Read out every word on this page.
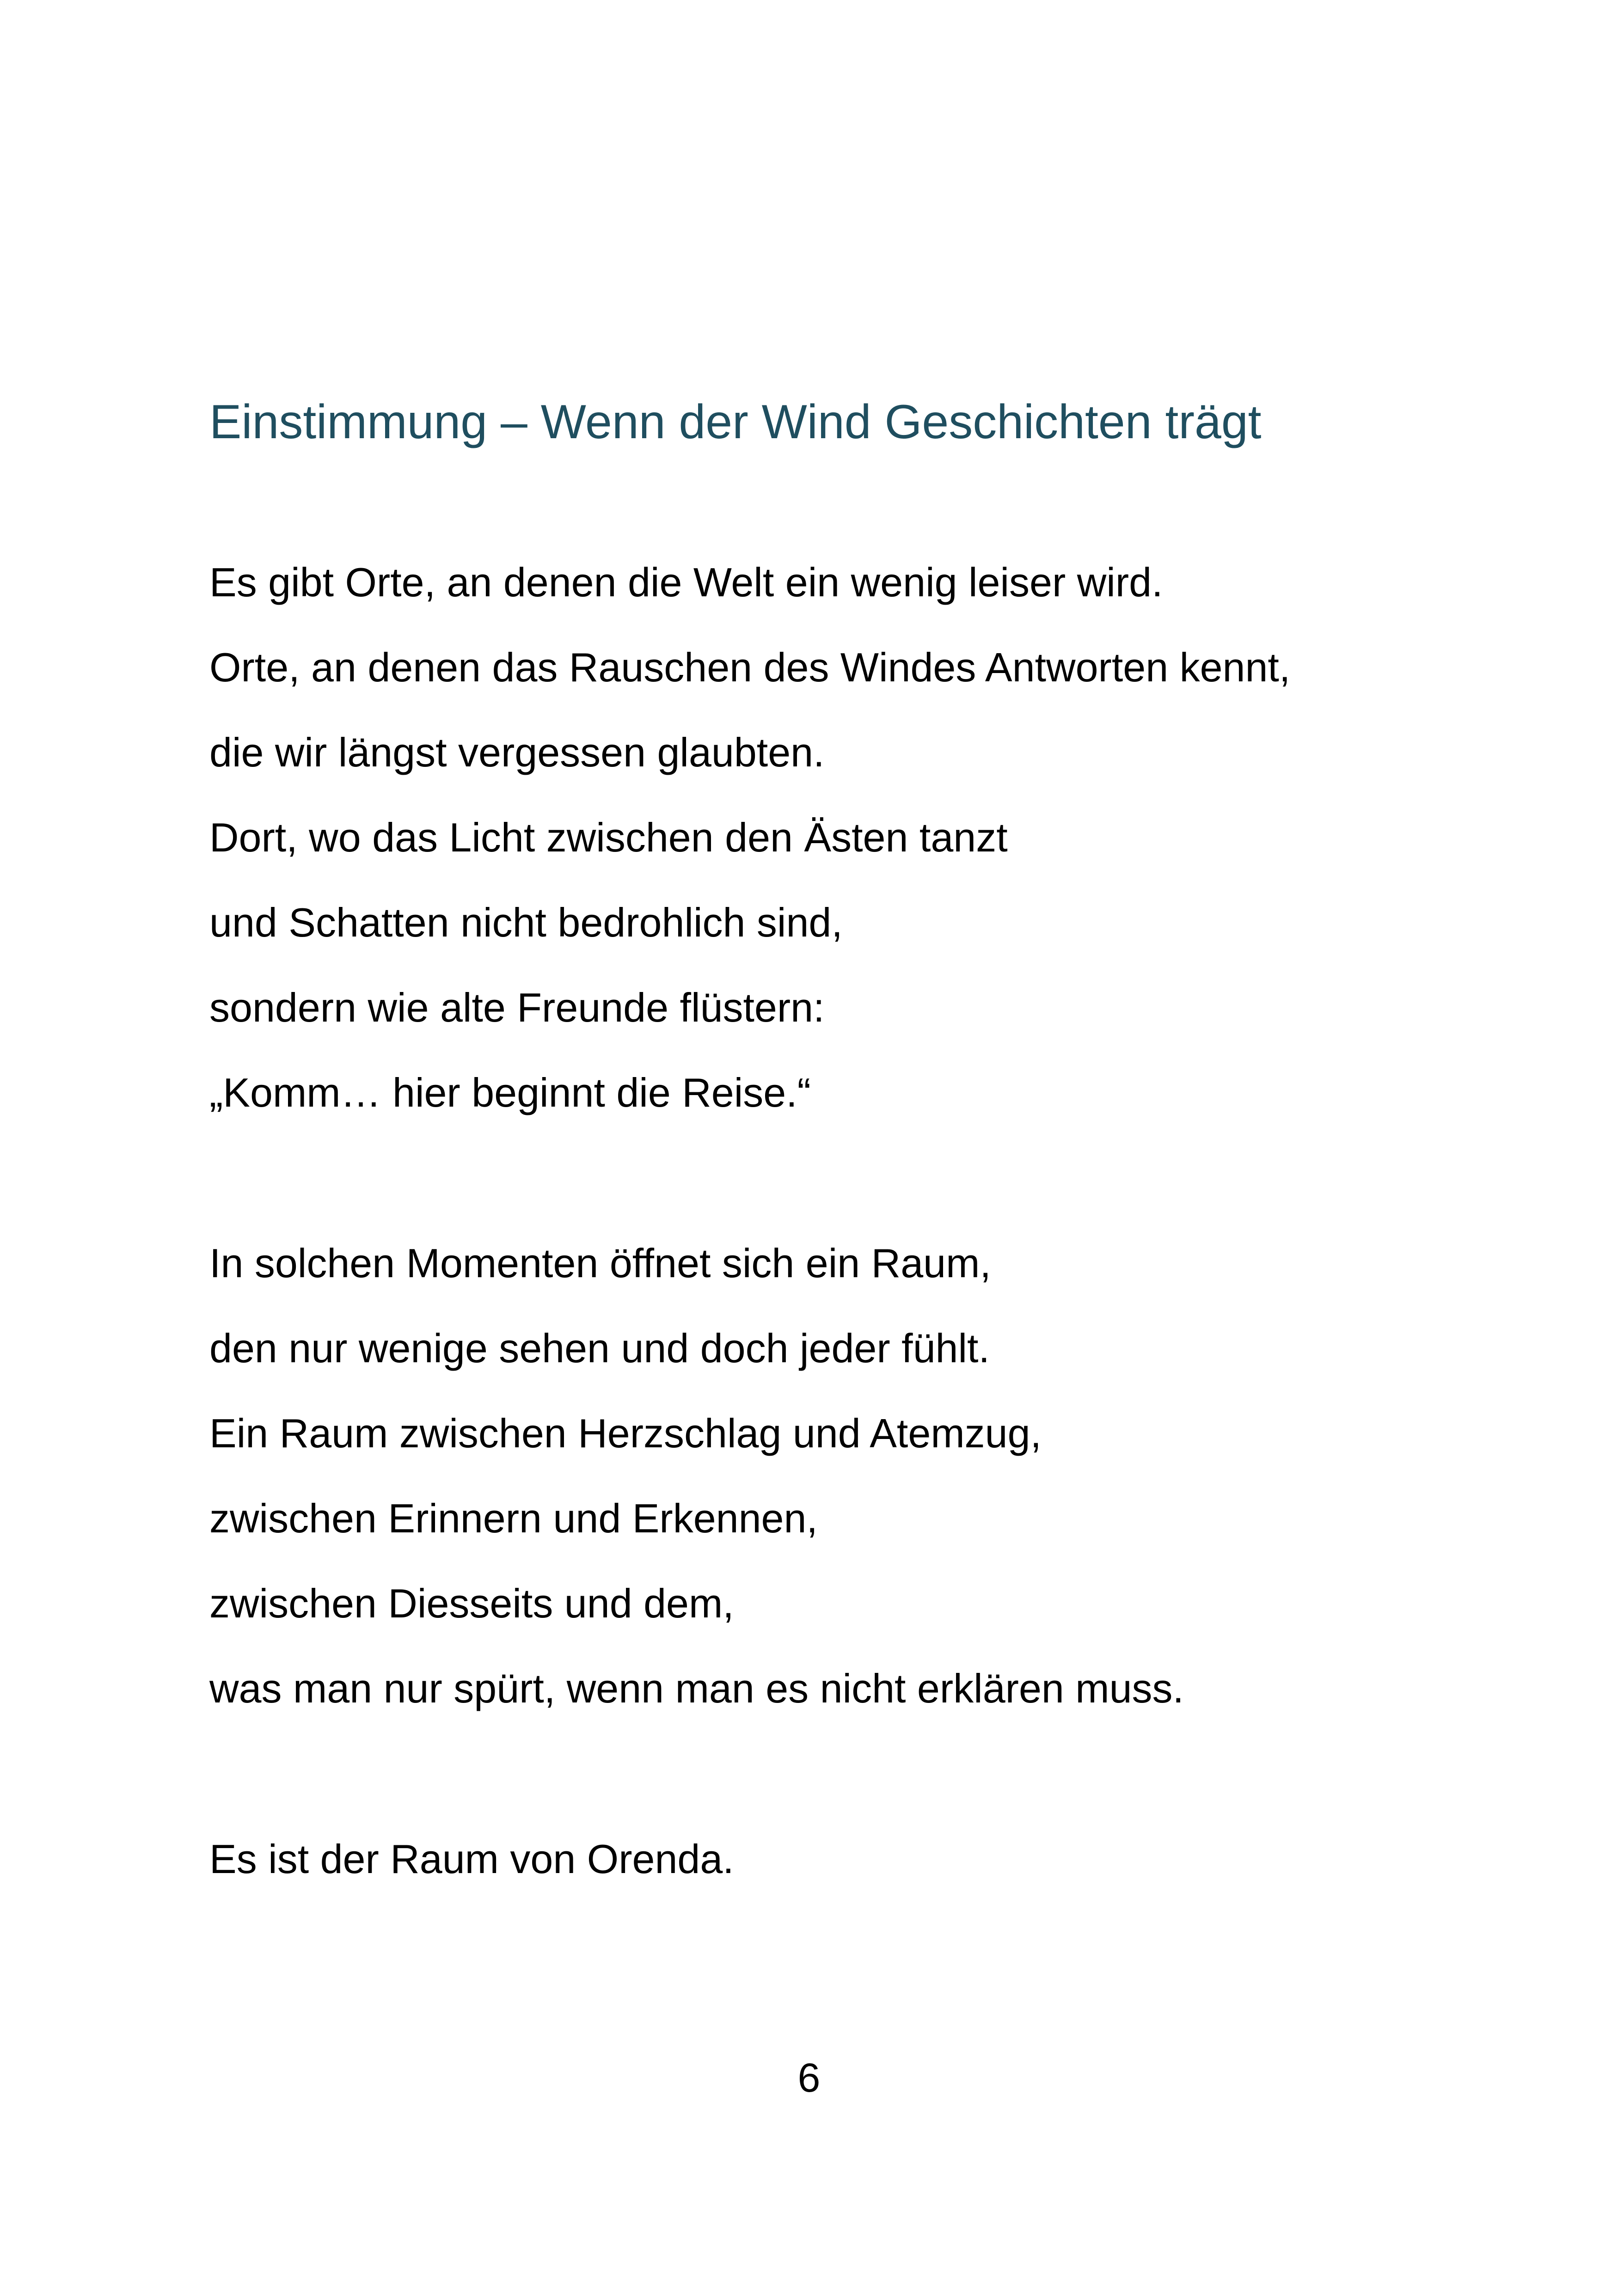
Einstimmung – Wenn der Wind Geschichten trägt
Es gibt Orte, an denen die Welt ein wenig leiser wird.
Orte, an denen das Rauschen des Windes Antworten kennt,
die wir längst vergessen glaubten.
Dort, wo das Licht zwischen den Ästen tanzt
und Schatten nicht bedrohlich sind,
sondern wie alte Freunde flüstern:
„Komm… hier beginnt die Reise.“
In solchen Momenten öffnet sich ein Raum,
den nur wenige sehen und doch jeder fühlt.
Ein Raum zwischen Herzschlag und Atemzug,
zwischen Erinnern und Erkennen,
zwischen Diesseits und dem,
was man nur spürt, wenn man es nicht erklären muss.
Es ist der Raum von Orenda.
6
